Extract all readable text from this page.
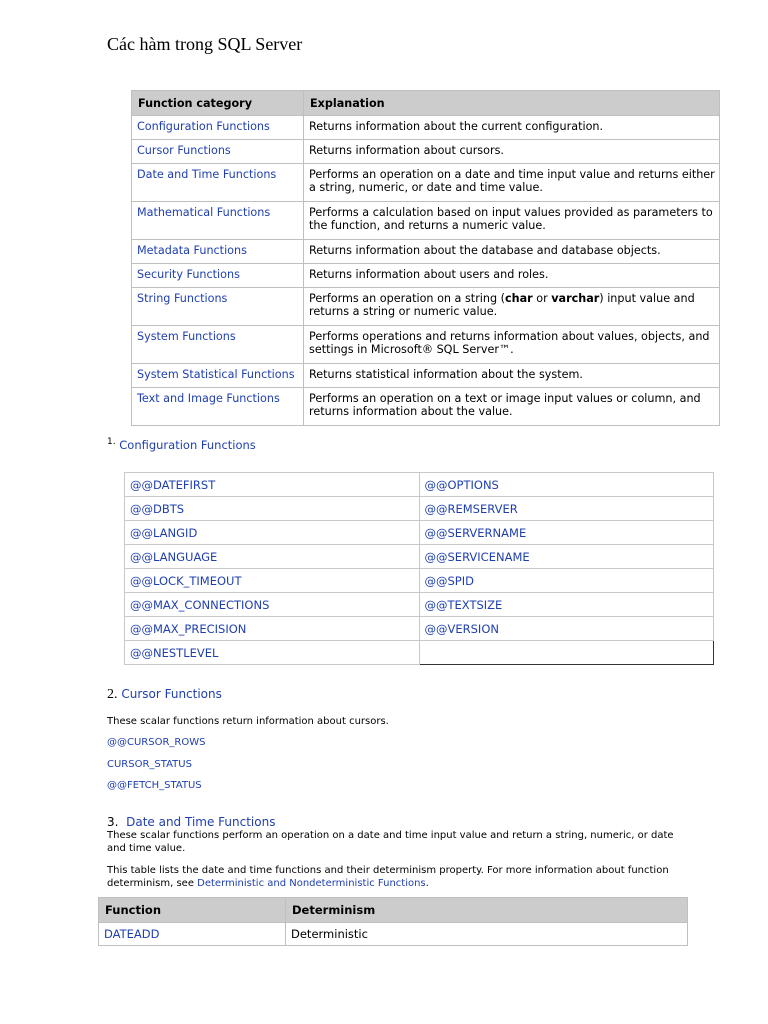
Các hàm trong SQL Server
Function category	Explanation
Configuration Functions	Returns information about the current configuration.
Cursor Functions	Returns information about cursors.
Date and Time Functions	Performs an operation on a date and time input value and returns either a string, numeric, or date and time value.
Mathematical Functions	Performs a calculation based on input values provided as parameters to the function, and returns a numeric value.
Metadata Functions	Returns information about the database and database objects.
Security Functions	Returns information about users and roles.
String Functions	Performs an operation on a string (char or varchar) input value and returns a string or numeric value.
System Functions	Performs operations and returns information about values, objects, and settings in Microsoft® SQL Server™.
System Statistical Functions	Returns statistical information about the system.
Text and Image Functions	Performs an operation on a text or image input values or column, and returns information about the value.

$^{1.}$ Configuration Functions

@@DATEFIRST	@@OPTIONS
@@DBTS	@@REMSERVER
@@LANGID	@@SERVERNAME
@@LANGUAGE	@@SERVICENAME
@@LOCK_TIMEOUT	@@SPID
@@MAX_CONNECTIONS	@@TEXTSIZE
@@MAX_PRECISION	@@VERSION
@@NESTLEVEL	

2. Cursor Functions

These scalar functions return information about cursors.

@@CURSOR_ROWS
CURSOR_STATUS
@@FETCH_STATUS

3. Date and Time Functions

These scalar functions perform an operation on a date and time input value and return a string, numeric, or date and time value.

This table lists the date and time functions and their determinism property. For more information about function determinism, see Deterministic and Nondeterministic Functions.

Function	Determinism
DATEADD	Deterministic
